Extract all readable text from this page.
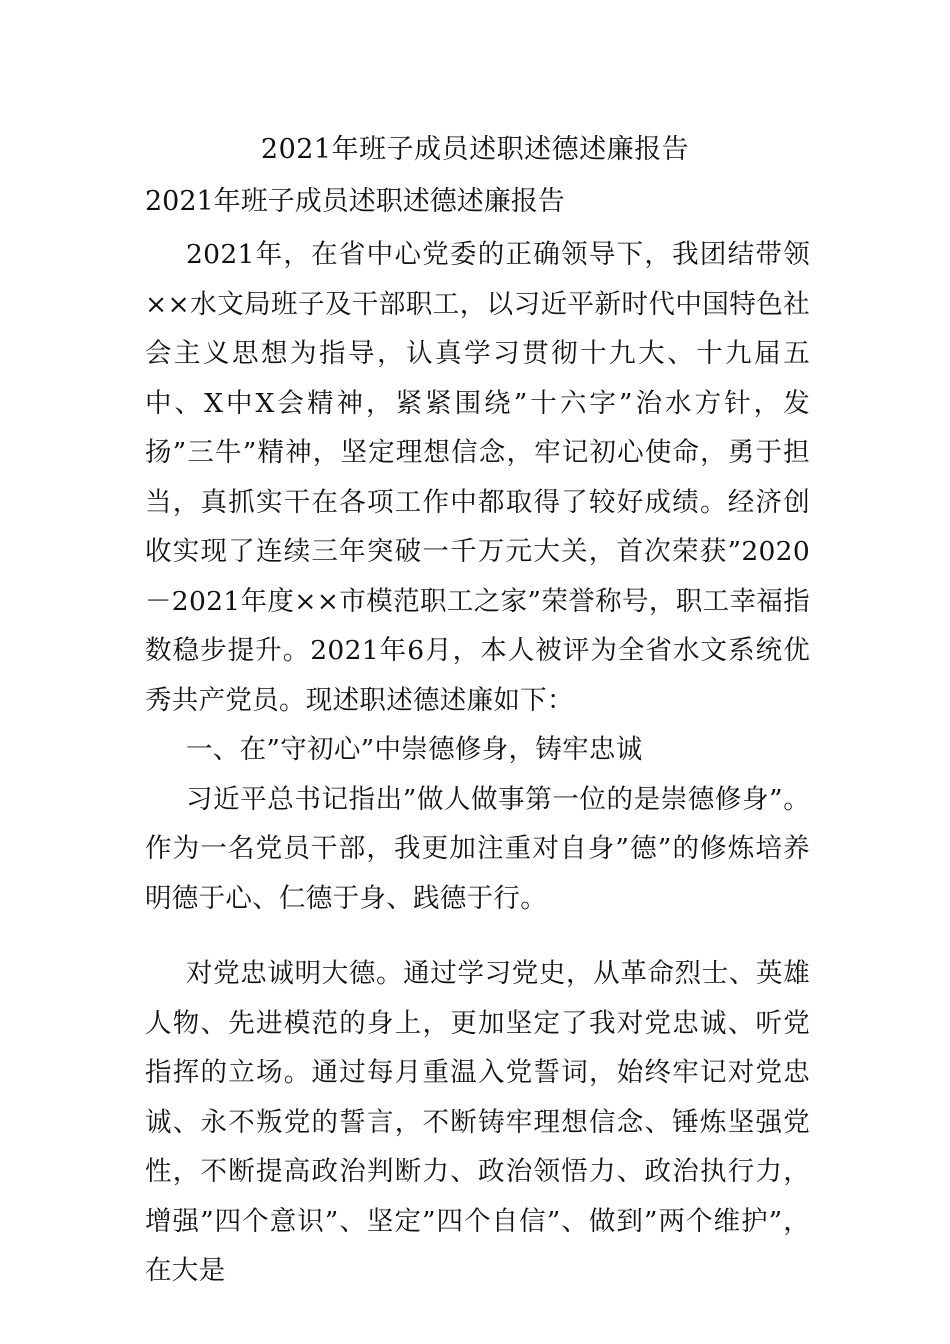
2021年班子成员述职述德述廉报告
2021年班子成员述职述德述廉报告

2021年，在省中心党委的正确领导下，我团结带领××水文局班子及干部职工，以习近平新时代中国特色社会主义思想为指导，认真学习贯彻十九大、十九届五中、X中X会精神，紧紧围绕”十六字”治水方针，发扬”三牛”精神，坚定理想信念，牢记初心使命，勇于担当，真抓实干在各项工作中都取得了较好成绩。经济创收实现了连续三年突破一千万元大关，首次荣获”2020－2021年度××市模范职工之家”荣誉称号，职工幸福指数稳步提升。2021年6月，本人被评为全省水文系统优秀共产党员。现述职述德述廉如下：

一、在”守初心”中崇德修身，铸牢忠诚

习近平总书记指出”做人做事第一位的是崇德修身”。作为一名党员干部，我更加注重对自身”德”的修炼培养明德于心、仁德于身、践德于行。

对党忠诚明大德。通过学习党史，从革命烈士、英雄人物、先进模范的身上，更加坚定了我对党忠诚、听党指挥的立场。通过每月重温入党誓词，始终牢记对党忠诚、永不叛党的誓言，不断铸牢理想信念、锤炼坚强党性，不断提高政治判断力、政治领悟力、政治执行力，增强”四个意识”、坚定”四个自信”、做到”两个维护”，在大是
